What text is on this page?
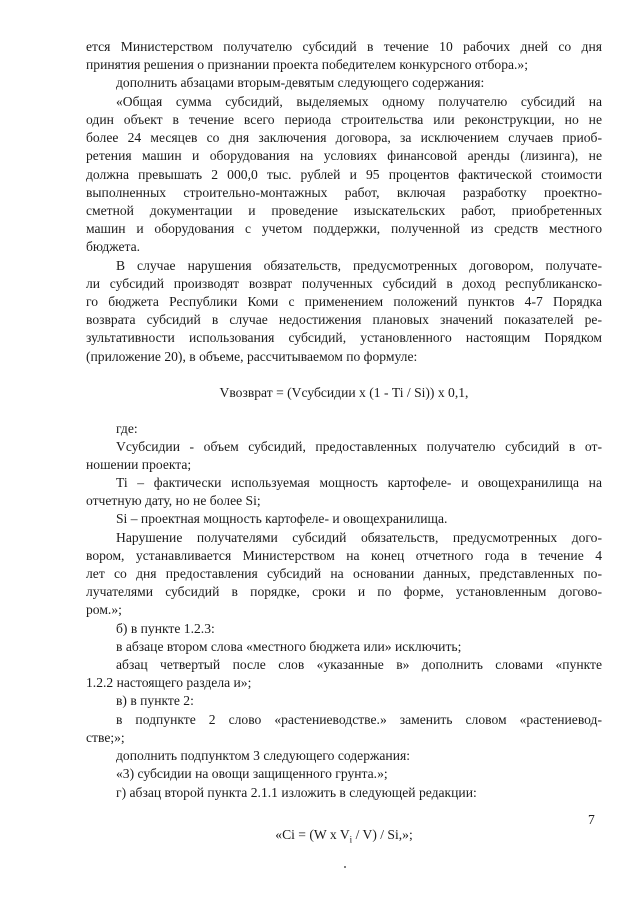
ется Министерством получателю субсидий в течение 10 рабочих дней со дня
принятия решения о признании проекта победителем конкурсного отбора.»;
дополнить абзацами вторым-девятым следующего содержания:
«Общая сумма субсидий, выделяемых одному получателю субсидий на
один объект в течение всего периода строительства или реконструкции, но не
более 24 месяцев со дня заключения договора, за исключением случаев приоб-
ретения машин и оборудования на условиях финансовой аренды (лизинга), не
должна превышать 2 000,0 тыс. рублей и 95 процентов фактической стоимости
выполненных строительно-монтажных работ, включая разработку проектно-
сметной документации и проведение изыскательских работ, приобретенных
машин и оборудования с учетом поддержки, полученной из средств местного
бюджета.
В случае нарушения обязательств, предусмотренных договором, получате-
ли субсидий производят возврат полученных субсидий в доход республиканско-
го бюджета Республики Коми с применением положений пунктов 4-7 Порядка
возврата субсидий в случае недостижения плановых значений показателей ре-
зультативности использования субсидий, установленного настоящим Порядком
(приложение 20), в объеме, рассчитываемом по формуле:
Vвозврат = (Vсубсидии х (1 - Ti / Si)) х 0,1,
где:
Vсубсидии - объем субсидий, предоставленных получателю субсидий в от-
ношении проекта;
Ti – фактически используемая мощность картофеле- и овощехранилища на
отчетную дату, но не более Si;
Si – проектная мощность картофеле- и овощехранилища.
Нарушение получателями субсидий обязательств, предусмотренных дого-
вором, устанавливается Министерством на конец отчетного года в течение 4
лет со дня предоставления субсидий на основании данных, представленных по-
лучателями субсидий в порядке, сроки и по форме, установленным догово-
ром.»;
б) в пункте 1.2.3:
в абзаце втором слова «местного бюджета или» исключить;
абзац четвертый после слов «указанные в» дополнить словами «пункте
1.2.2 настоящего раздела и»;
в) в пункте 2:
в подпункте 2 слово «растениеводстве.» заменить словом «растениевод-
стве;»;
дополнить подпунктом 3 следующего содержания:
«3) субсидии на овощи защищенного грунта.»;
г) абзац второй пункта 2.1.1 изложить в следующей редакции:
«Ci = (W x $V_i / V$) / Si,»;
7
